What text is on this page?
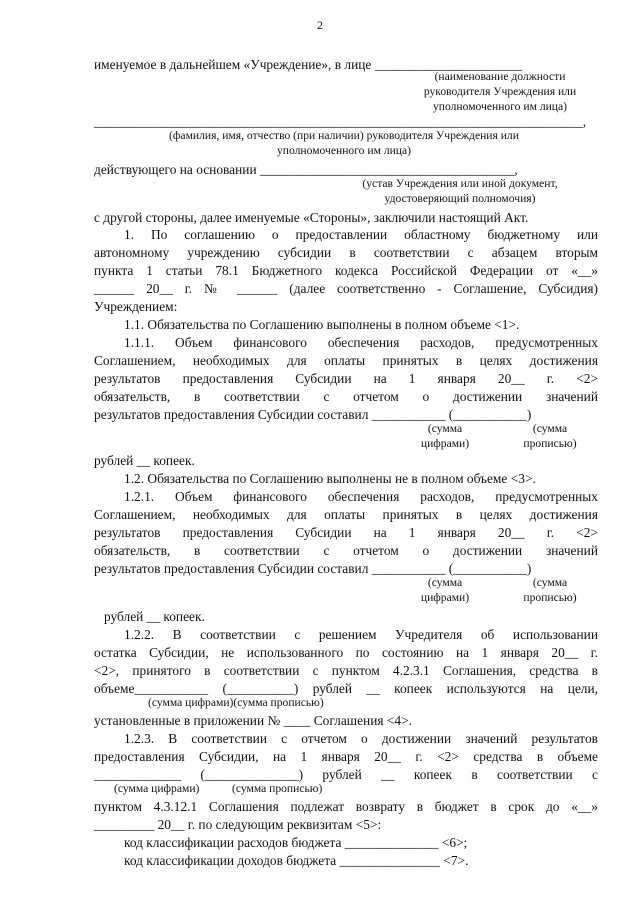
2
именуемое в дальнейшем «Учреждение», в лице ______________________
(наименование должности
руководителя Учреждения или
уполномоченного им лица)
_________________________________________________________________________,
(фамилия, имя, отчество (при наличии) руководителя Учреждения или
уполномоченного им лица)
действующего на основании ______________________________________,
(устав Учреждения или иной документ,
удостоверяющий полномочия)
с другой стороны, далее именуемые «Стороны», заключили настоящий Акт.
1. По соглашению о предоставлении областному бюджетному или
автономному учреждению субсидии в соответствии с абзацем вторым
пункта 1 статьи 78.1 Бюджетного кодекса Российской Федерации от «__»
______ 20__ г. № ______ (далее соответственно - Соглашение, Субсидия)
Учреждением:
1.1. Обязательства по Соглашению выполнены в полном объеме <1>.
1.1.1. Объем финансового обеспечения расходов, предусмотренных
Соглашением, необходимых для оплаты принятых в целях достижения
результатов предоставления Субсидии на 1 января 20__ г. <2>
обязательств, в соответствии с отчетом о достижении значений
результатов предоставления Субсидии составил ___________ (___________)
(сумма
цифрами)
(сумма
прописью)
рублей __ копеек.
1.2. Обязательства по Соглашению выполнены не в полном объеме <3>.
1.2.1. Объем финансового обеспечения расходов, предусмотренных
Соглашением, необходимых для оплаты принятых в целях достижения
результатов предоставления Субсидии на 1 января 20__ г. <2>
обязательств, в соответствии с отчетом о достижении значений
результатов предоставления Субсидии составил ___________ (___________)
(сумма
цифрами)
(сумма
прописью)
рублей __ копеек.
1.2.2. В соответствии с решением Учредителя об использовании
остатка Субсидии, не использованного по состоянию на 1 января 20__ г.
<2>, принятого в соответствии с пунктом 4.2.3.1 Соглашения, средства в
объеме___________ (__________) рублей __ копеек используются на цели,
(сумма цифрами)(сумма прописью)
установленные в приложении № ____ Соглашения <4>.
1.2.3. В соответствии с отчетом о достижении значений результатов
предоставления Субсидии, на 1 января 20__ г. <2> средства в объеме
_____________ (______________) рублей __ копеек в соответствии с
(сумма цифрами)	(сумма прописью)
пунктом 4.3.12.1 Соглашения подлежат возврату в бюджет в срок до «__»
_________ 20__ г. по следующим реквизитам <5>:
код классификации расходов бюджета ______________ <6>;
код классификации доходов бюджета _______________ <7>.
